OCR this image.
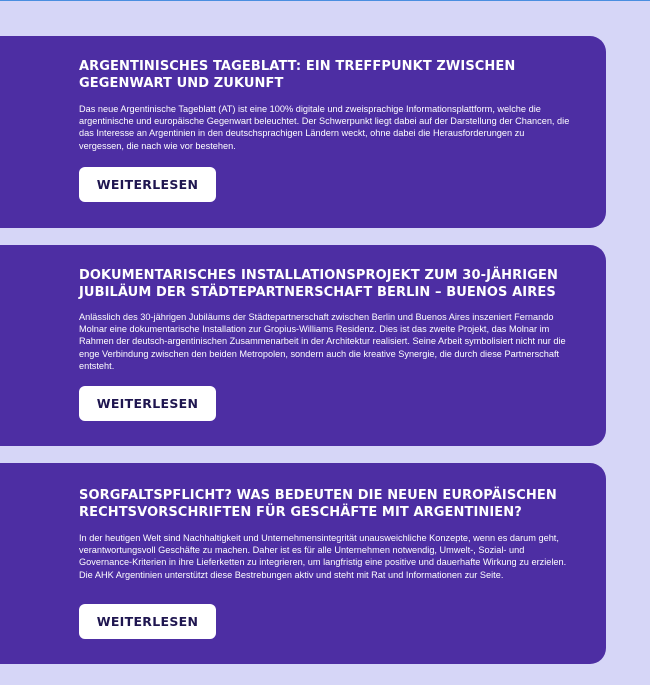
ARGENTINISCHES TAGEBLATT: EIN TREFFPUNKT ZWISCHEN GEGENWART UND ZUKUNFT

Das neue Argentinische Tageblatt (AT) ist eine 100% digitale und zweisprachige Informationsplattform, welche die argentinische und europäische Gegenwart beleuchtet. Der Schwerpunkt liegt dabei auf der Darstellung der Chancen, die das Interesse an Argentinien in den deutschsprachigen Ländern weckt, ohne dabei die Herausforderungen zu vergessen, die nach wie vor bestehen.

WEITERLESEN
DOKUMENTARISCHES INSTALLATIONSPROJEKT ZUM 30-JÄHRIGEN JUBILÄUM DER STÄDTEPARTNERSCHAFT BERLIN – BUENOS AIRES

Anlässlich des 30-jährigen Jubiläums der Städtepartnerschaft zwischen Berlin und Buenos Aires inszeniert Fernando Molnar eine dokumentarische Installation zur Gropius-Williams Residenz. Dies ist das zweite Projekt, das Molnar im Rahmen der deutsch-argentinischen Zusammenarbeit in der Architektur realisiert. Seine Arbeit symbolisiert nicht nur die enge Verbindung zwischen den beiden Metropolen, sondern auch die kreative Synergie, die durch diese Partnerschaft entsteht.

WEITERLESEN
SORGFALTSPFLICHT? WAS BEDEUTEN DIE NEUEN EUROPÄISCHEN RECHTSVORSCHRIFTEN FÜR GESCHÄFTE MIT ARGENTINIEN?

In der heutigen Welt sind Nachhaltigkeit und Unternehmensintegrität unausweichliche Konzepte, wenn es darum geht, verantwortungsvoll Geschäfte zu machen. Daher ist es für alle Unternehmen notwendig, Umwelt-, Sozial- und Governance-Kriterien in ihre Lieferketten zu integrieren, um langfristig eine positive und dauerhafte Wirkung zu erzielen. Die AHK Argentinien unterstützt diese Bestrebungen aktiv und steht mit Rat und Informationen zur Seite.

WEITERLESEN
